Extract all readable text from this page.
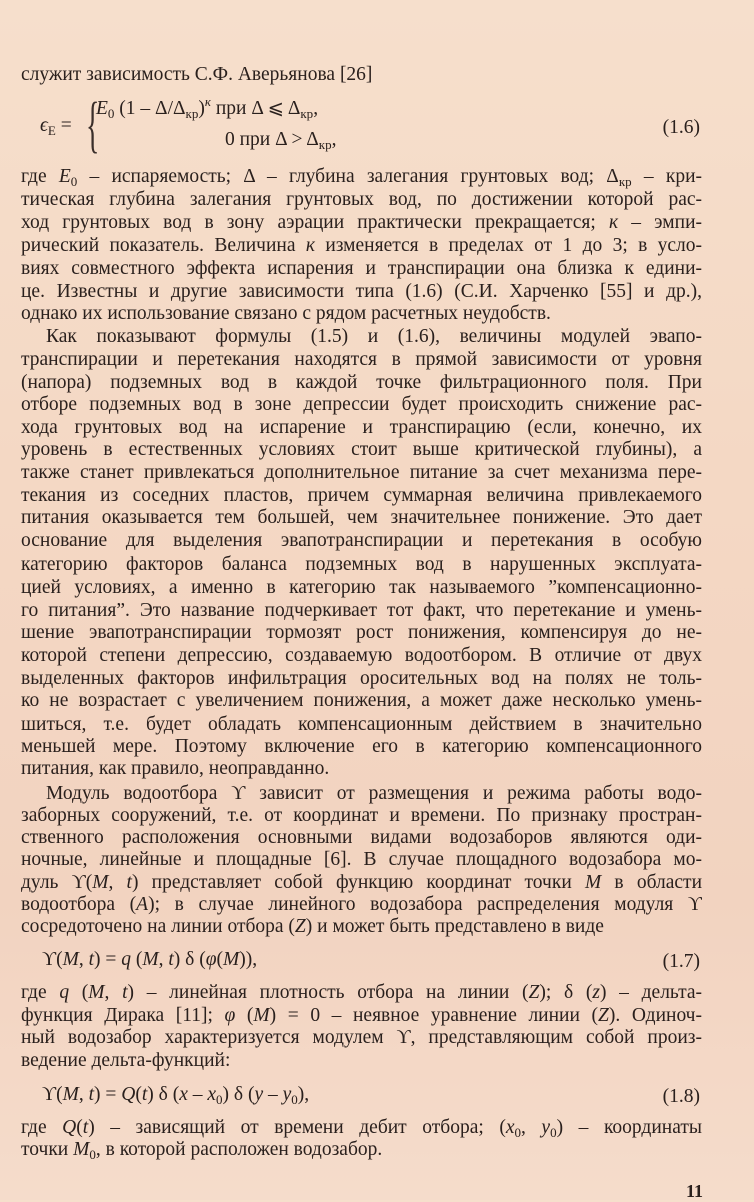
служит зависимость С.Ф. Аверьянова [26]
$\epsilon_E$ = {
$E_0$ $(1 - \Delta/\Delta_{кр})^к$ при Δ ⩽ $\Delta_{кр}$,
0 при $\Delta > \Delta_{кр}$,
(1.6)
где $E_0$ – испаряемость; Δ – глубина залегания грунтовых вод; $\Delta_{кр} - кри-$
тическая глубина залегания грунтовых вод, по достижении которой рас-
ход грунтовых вод в зону аэрации практически прекращается; к – эмпи-
рический показатель. Величина к изменяется в пределах от 1 до 3; в усло-
виях совместного эффекта испарения и транспирации она близка к едини-
це. Известны и другие зависимости типа (1.6) (С.И. Харченко [55] и др.),
однако их использование связано с рядом расчетных неудобств.
Как показывают формулы (1.5) и (1.6), величины модулей эвапо-
транспирации и перетекания находятся в прямой зависимости от уровня
(напора) подземных вод в каждой точке фильтрационного поля. При
отборе подземных вод в зоне депрессии будет происходить снижение рас-
хода грунтовых вод на испарение и транспирацию (если, конечно, их
уровень в естественных условиях стоит выше критической глубины), а
также станет привлекаться дополнительное питание за счет механизма пере-
текания из соседних пластов, причем суммарная величина привлекаемого
питания оказывается тем большей, чем значительнее понижение. Это дает
основание для выделения эвапотранспирации и перетекания в особую
категорию факторов баланса подземных вод в нарушенных эксплуата-
цией условиях, а именно в категорию так называемого ”компенсационно-
го питания”. Это название подчеркивает тот факт, что перетекание и умень-
шение эвапотранспирации тормозят рост понижения, компенсируя до не-
которой степени депрессию, создаваемую водоотбором. В отличие от двух
выделенных факторов инфильтрация оросительных вод на полях не толь-
ко не возрастает с увеличением понижения, а может даже несколько умень-
шиться, т.е. будет обладать компенсационным действием в значительно
меньшей мере. Поэтому включение его в категорию компенсационного
питания, как правило, неоправданно.
Модуль водоотбора ϒ зависит от размещения и режима работы водо-
заборных сооружений, т.е. от координат и времени. По признаку простран-
ственного расположения основными видами водозаборов являются оди-
ночные, линейные и площадные [6]. В случае площадного водозабора мо-
дуль ϒ(M, t) представляет собой функцию координат точки M в области
водоотбора (A); в случае линейного водозабора распределения модуля ϒ
сосредоточено на линии отбора (Z) и может быть представлено в виде
ϒ(M, t) = q (M, t) δ (φ(M)),	(1.7)
где q (M, t) – линейная плотность отбора на линии (Z); δ (z) – дельта-
функция Дирака [11]; φ (M) = 0 – неявное уравнение линии (Z). Одиноч-
ный водозабор характеризуется модулем ϒ, представляющим собой произ-
ведение дельта-функций:
ϒ(M, t) = Q(t) δ $(x - x_0)$ δ $(y - y_0)$,	(1.8)
где Q(t) – зависящий от времени дебит отбора; ($x_0$, $y_0$) – координаты
точки $M_0$, в которой расположен водозабор.
11
